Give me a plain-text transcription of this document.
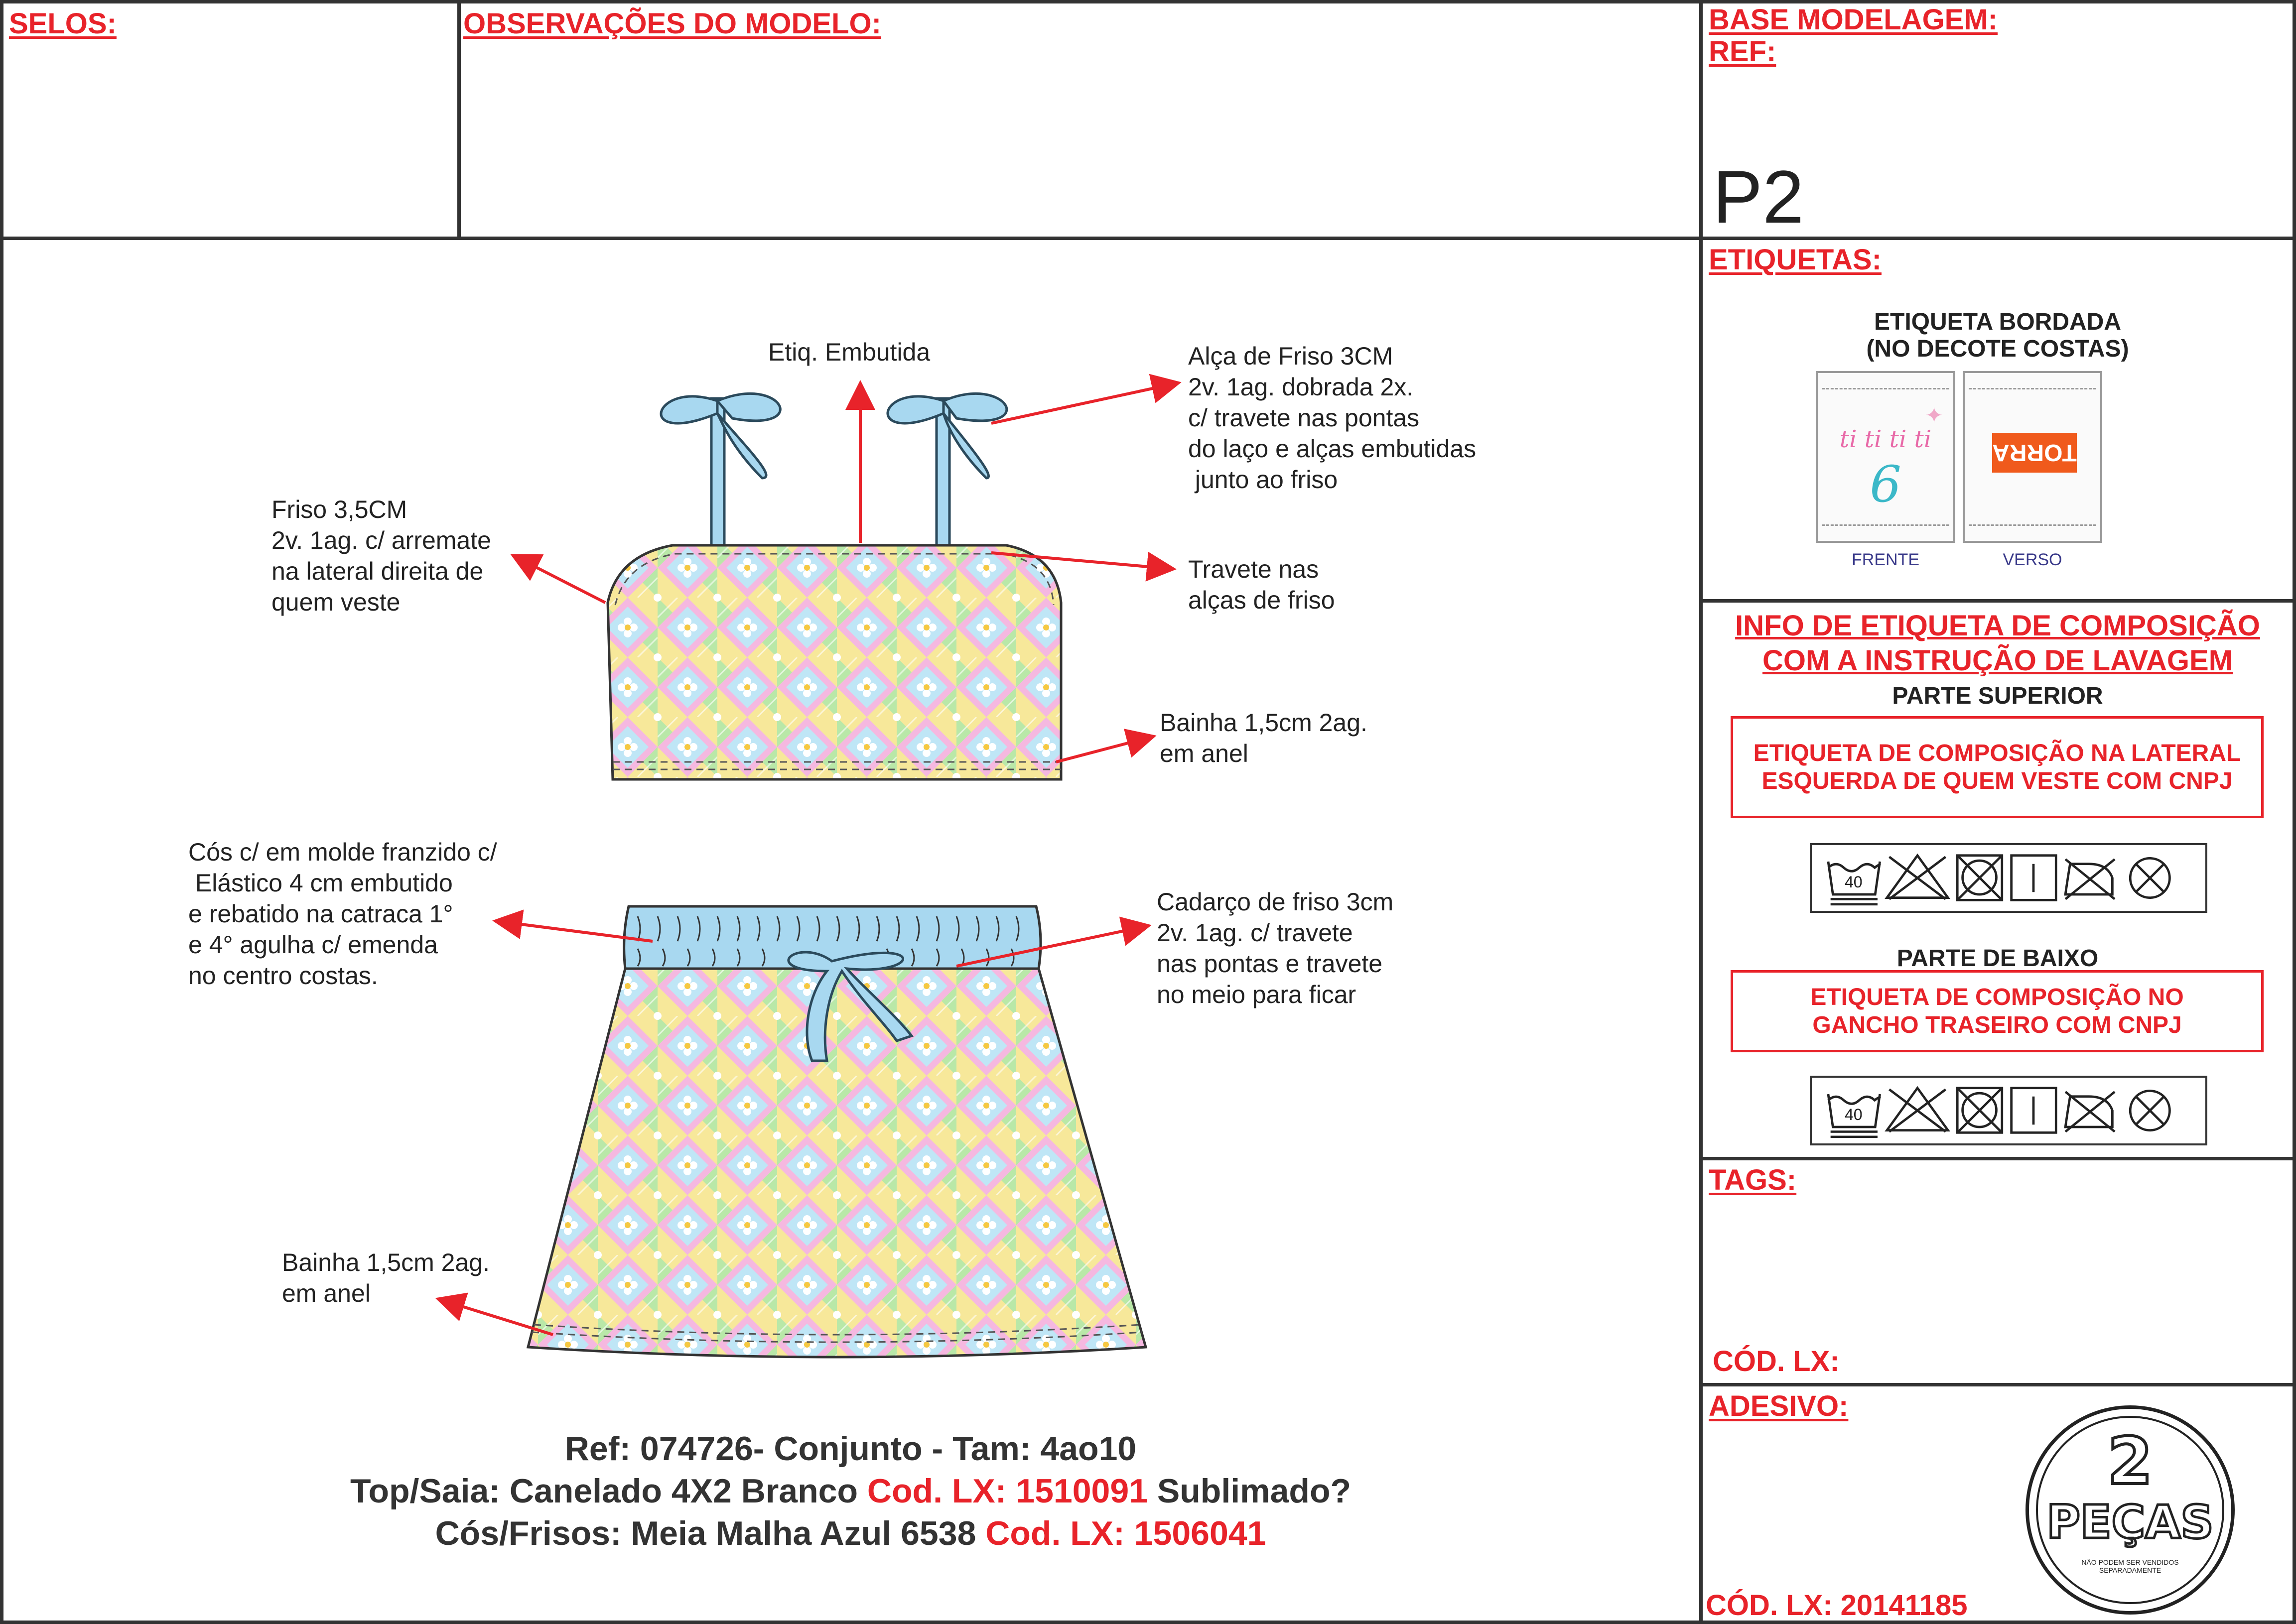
SELOS:	OBSERVAÇÕES DO MODELO:	BASE MODELAGEM:
REF:
P2
Etiq. Embutida	Alça de Friso 3CM
2v. 1ag. dobrada 2x.
c/ travete nas pontas
do laço e alças embutidas
junto ao friso
Friso 3,5CM
2v. 1ag. c/ arremate
na lateral direita de
quem veste
Travete nas
alças de friso
Bainha 1,5cm 2ag.
em anel
Cós c/ em molde franzido c/
Elástico 4 cm embutido
e rebatido na catraca 1°
e 4° agulha c/ emenda
no centro costas.
Cadarço de friso 3cm
2v. 1ag. c/ travete
nas pontas e travete
no meio para ficar
Bainha 1,5cm 2ag.
em anel
Ref: 074726- Conjunto - Tam: 4ao10
Top/Saia: Canelado 4X2 Branco Cod. LX: 1510091 Sublimado?
Cós/Frisos: Meia Malha Azul 6538 Cod. LX: 1506041
ETIQUETAS:
ETIQUETA BORDADA
(NO DECOTE COSTAS)
ti ti ti ti
6
✦
TORRA
FRENTE	VERSO
INFO DE ETIQUETA DE COMPOSIÇÃO
COM A INSTRUÇÃO DE LAVAGEM
PARTE SUPERIOR
ETIQUETA DE COMPOSIÇÃO NA LATERAL ESQUERDA DE QUEM VESTE COM CNPJ
40
PARTE DE BAIXO
ETIQUETA DE COMPOSIÇÃO NO GANCHO TRASEIRO COM CNPJ
40
TAGS:
CÓD. LX:
ADESIVO:
CÓD. LX: 20141185
2
PEÇAS
NÃO PODEM SER VENDIDOS SEPARADAMENTE
